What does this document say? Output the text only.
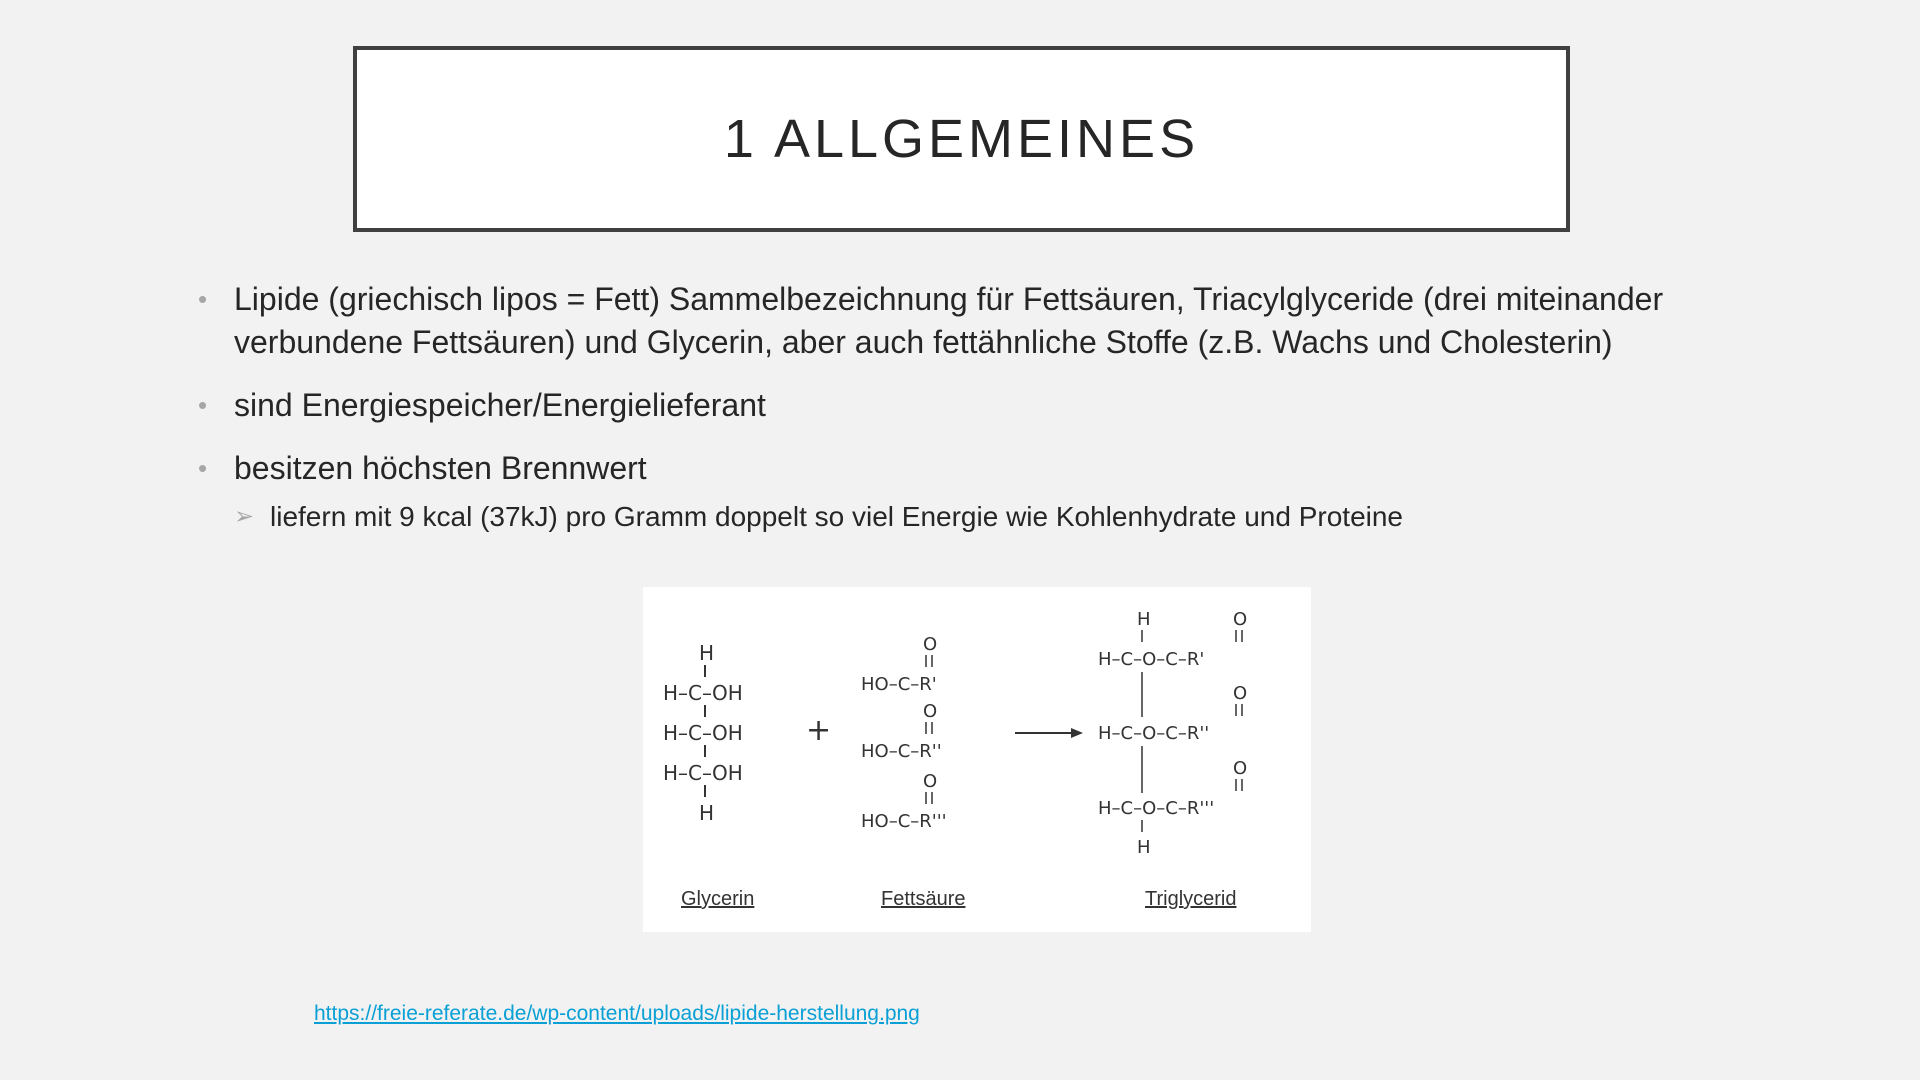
1 ALLGEMEINES
• Lipide (griechisch lipos = Fett) Sammelbezeichnung für Fettsäuren, Triacylglyceride (drei miteinander verbundene Fettsäuren) und Glycerin, aber auch fettähnliche Stoffe (z.B. Wachs und Cholesterin)
• sind Energiespeicher/Energielieferant
• besitzen höchsten Brennwert
➢ liefern mit 9 kcal (37kJ) pro Gramm doppelt so viel Energie wie Kohlenhydrate und Proteine
H
H–C–OH
H–C–OH
H–C–OH
H
+
O
HO–C–R'
O
HO–C–R''
O
HO–C–R'''
H	O
H–C–O–C–R'
O
H–C–O–C–R''
O
H–C–O–C–R'''
H
Glycerin	Fettsäure	Triglycerid
https://freie-referate.de/wp-content/uploads/lipide-herstellung.png
